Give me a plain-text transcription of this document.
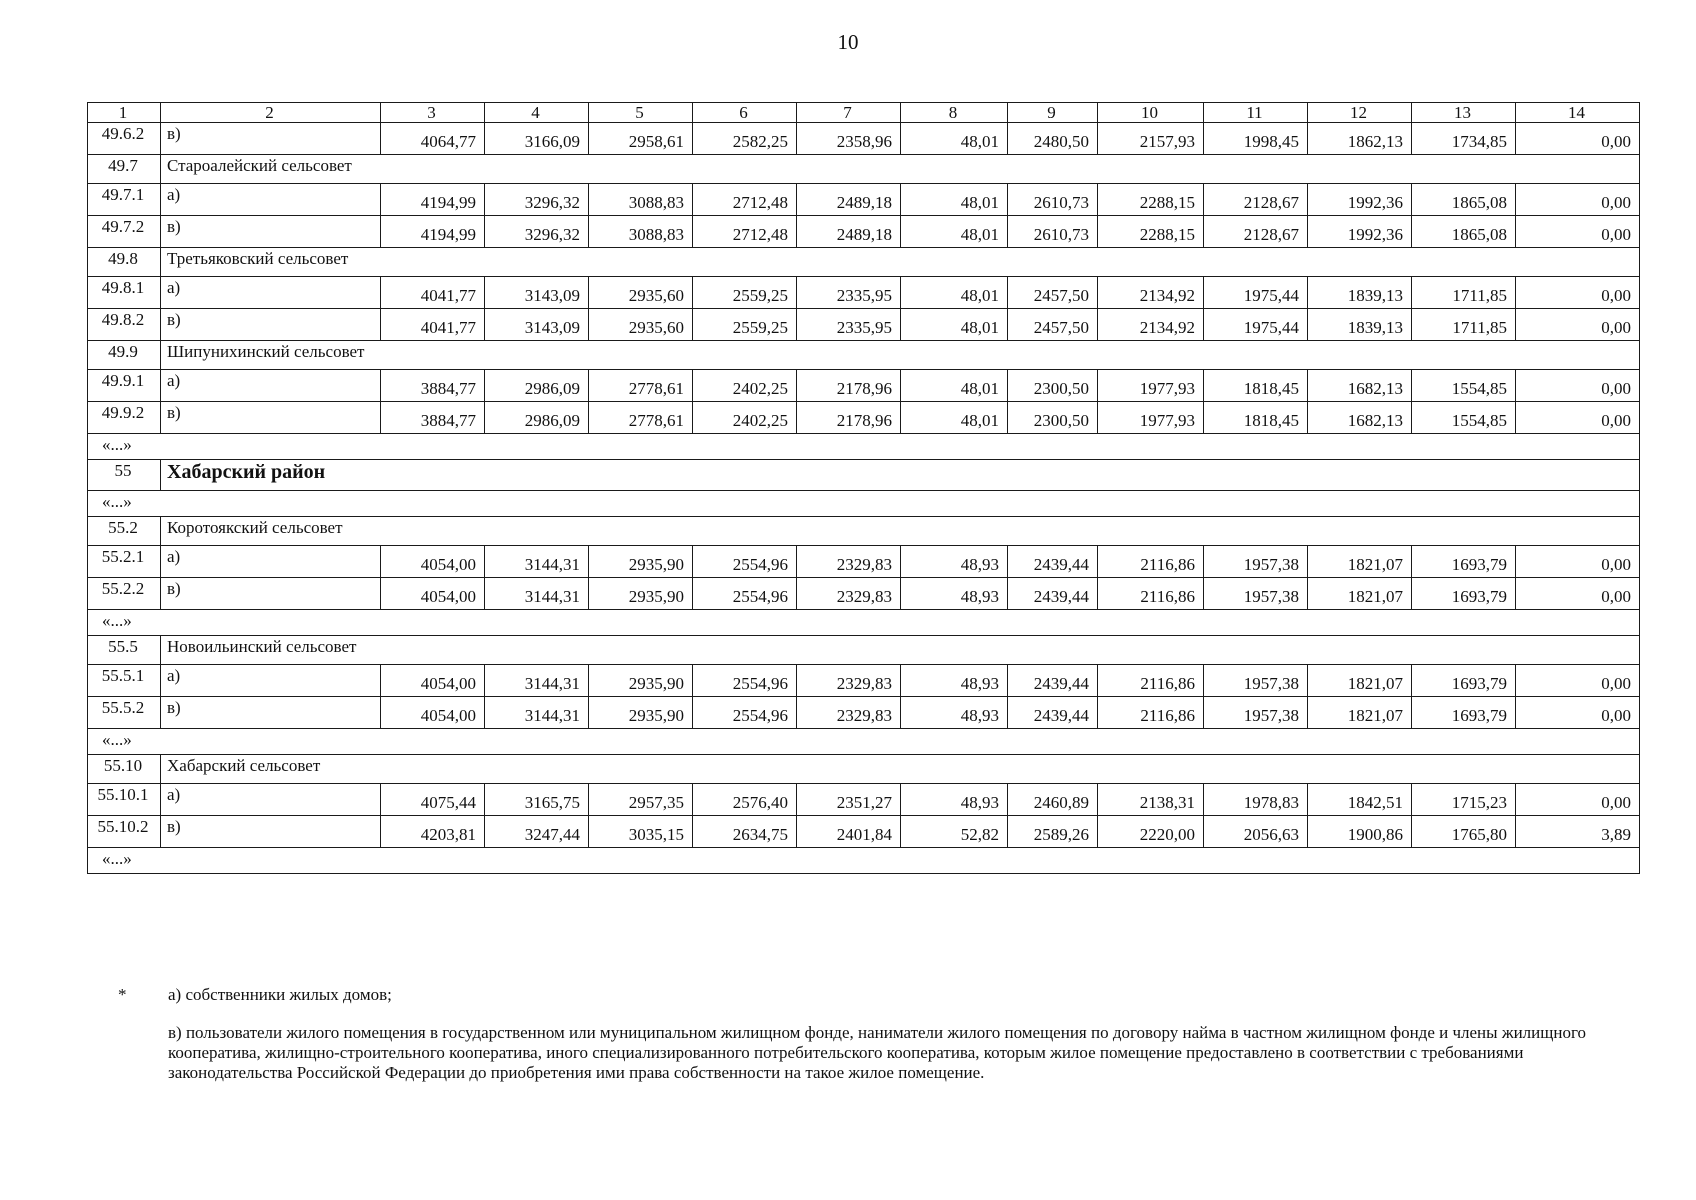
10
1	2	3	4	5	6	7	8	9	10	11	12	13	14
49.6.2	в)	4064,77	3166,09	2958,61	2582,25	2358,96	48,01	2480,50	2157,93	1998,45	1862,13	1734,85	0,00
49.7	Староалейский сельсовет												
49.7.1	а)	4194,99	3296,32	3088,83	2712,48	2489,18	48,01	2610,73	2288,15	2128,67	1992,36	1865,08	0,00
49.7.2	в)	4194,99	3296,32	3088,83	2712,48	2489,18	48,01	2610,73	2288,15	2128,67	1992,36	1865,08	0,00
49.8	Третьяковский сельсовет												
49.8.1	а)	4041,77	3143,09	2935,60	2559,25	2335,95	48,01	2457,50	2134,92	1975,44	1839,13	1711,85	0,00
49.8.2	в)	4041,77	3143,09	2935,60	2559,25	2335,95	48,01	2457,50	2134,92	1975,44	1839,13	1711,85	0,00
49.9	Шипунихинский сельсовет												
49.9.1	а)	3884,77	2986,09	2778,61	2402,25	2178,96	48,01	2300,50	1977,93	1818,45	1682,13	1554,85	0,00
49.9.2	в)	3884,77	2986,09	2778,61	2402,25	2178,96	48,01	2300,50	1977,93	1818,45	1682,13	1554,85	0,00
«...»													
55	Хабарский район												
«...»													
55.2	Коротоякский сельсовет												
55.2.1	а)	4054,00	3144,31	2935,90	2554,96	2329,83	48,93	2439,44	2116,86	1957,38	1821,07	1693,79	0,00
55.2.2	в)	4054,00	3144,31	2935,90	2554,96	2329,83	48,93	2439,44	2116,86	1957,38	1821,07	1693,79	0,00
«...»													
55.5	Новоильинский сельсовет												
55.5.1	а)	4054,00	3144,31	2935,90	2554,96	2329,83	48,93	2439,44	2116,86	1957,38	1821,07	1693,79	0,00
55.5.2	в)	4054,00	3144,31	2935,90	2554,96	2329,83	48,93	2439,44	2116,86	1957,38	1821,07	1693,79	0,00
«...»													
55.10	Хабарский сельсовет												
55.10.1	а)	4075,44	3165,75	2957,35	2576,40	2351,27	48,93	2460,89	2138,31	1978,83	1842,51	1715,23	0,00
55.10.2	в)	4203,81	3247,44	3035,15	2634,75	2401,84	52,82	2589,26	2220,00	2056,63	1900,86	1765,80	3,89
«...»													
* а) собственники жилых домов;
в) пользователи жилого помещения в государственном или муниципальном жилищном фонде, наниматели жилого помещения по договору найма в частном жилищном фонде и члены жилищного кооператива, жилищно-строительного кооператива, иного специализированного потребительского кооператива, которым жилое помещение предоставлено в соответствии с требованиями законодательства Российской Федерации до приобретения ими права собственности на такое жилое помещение.
